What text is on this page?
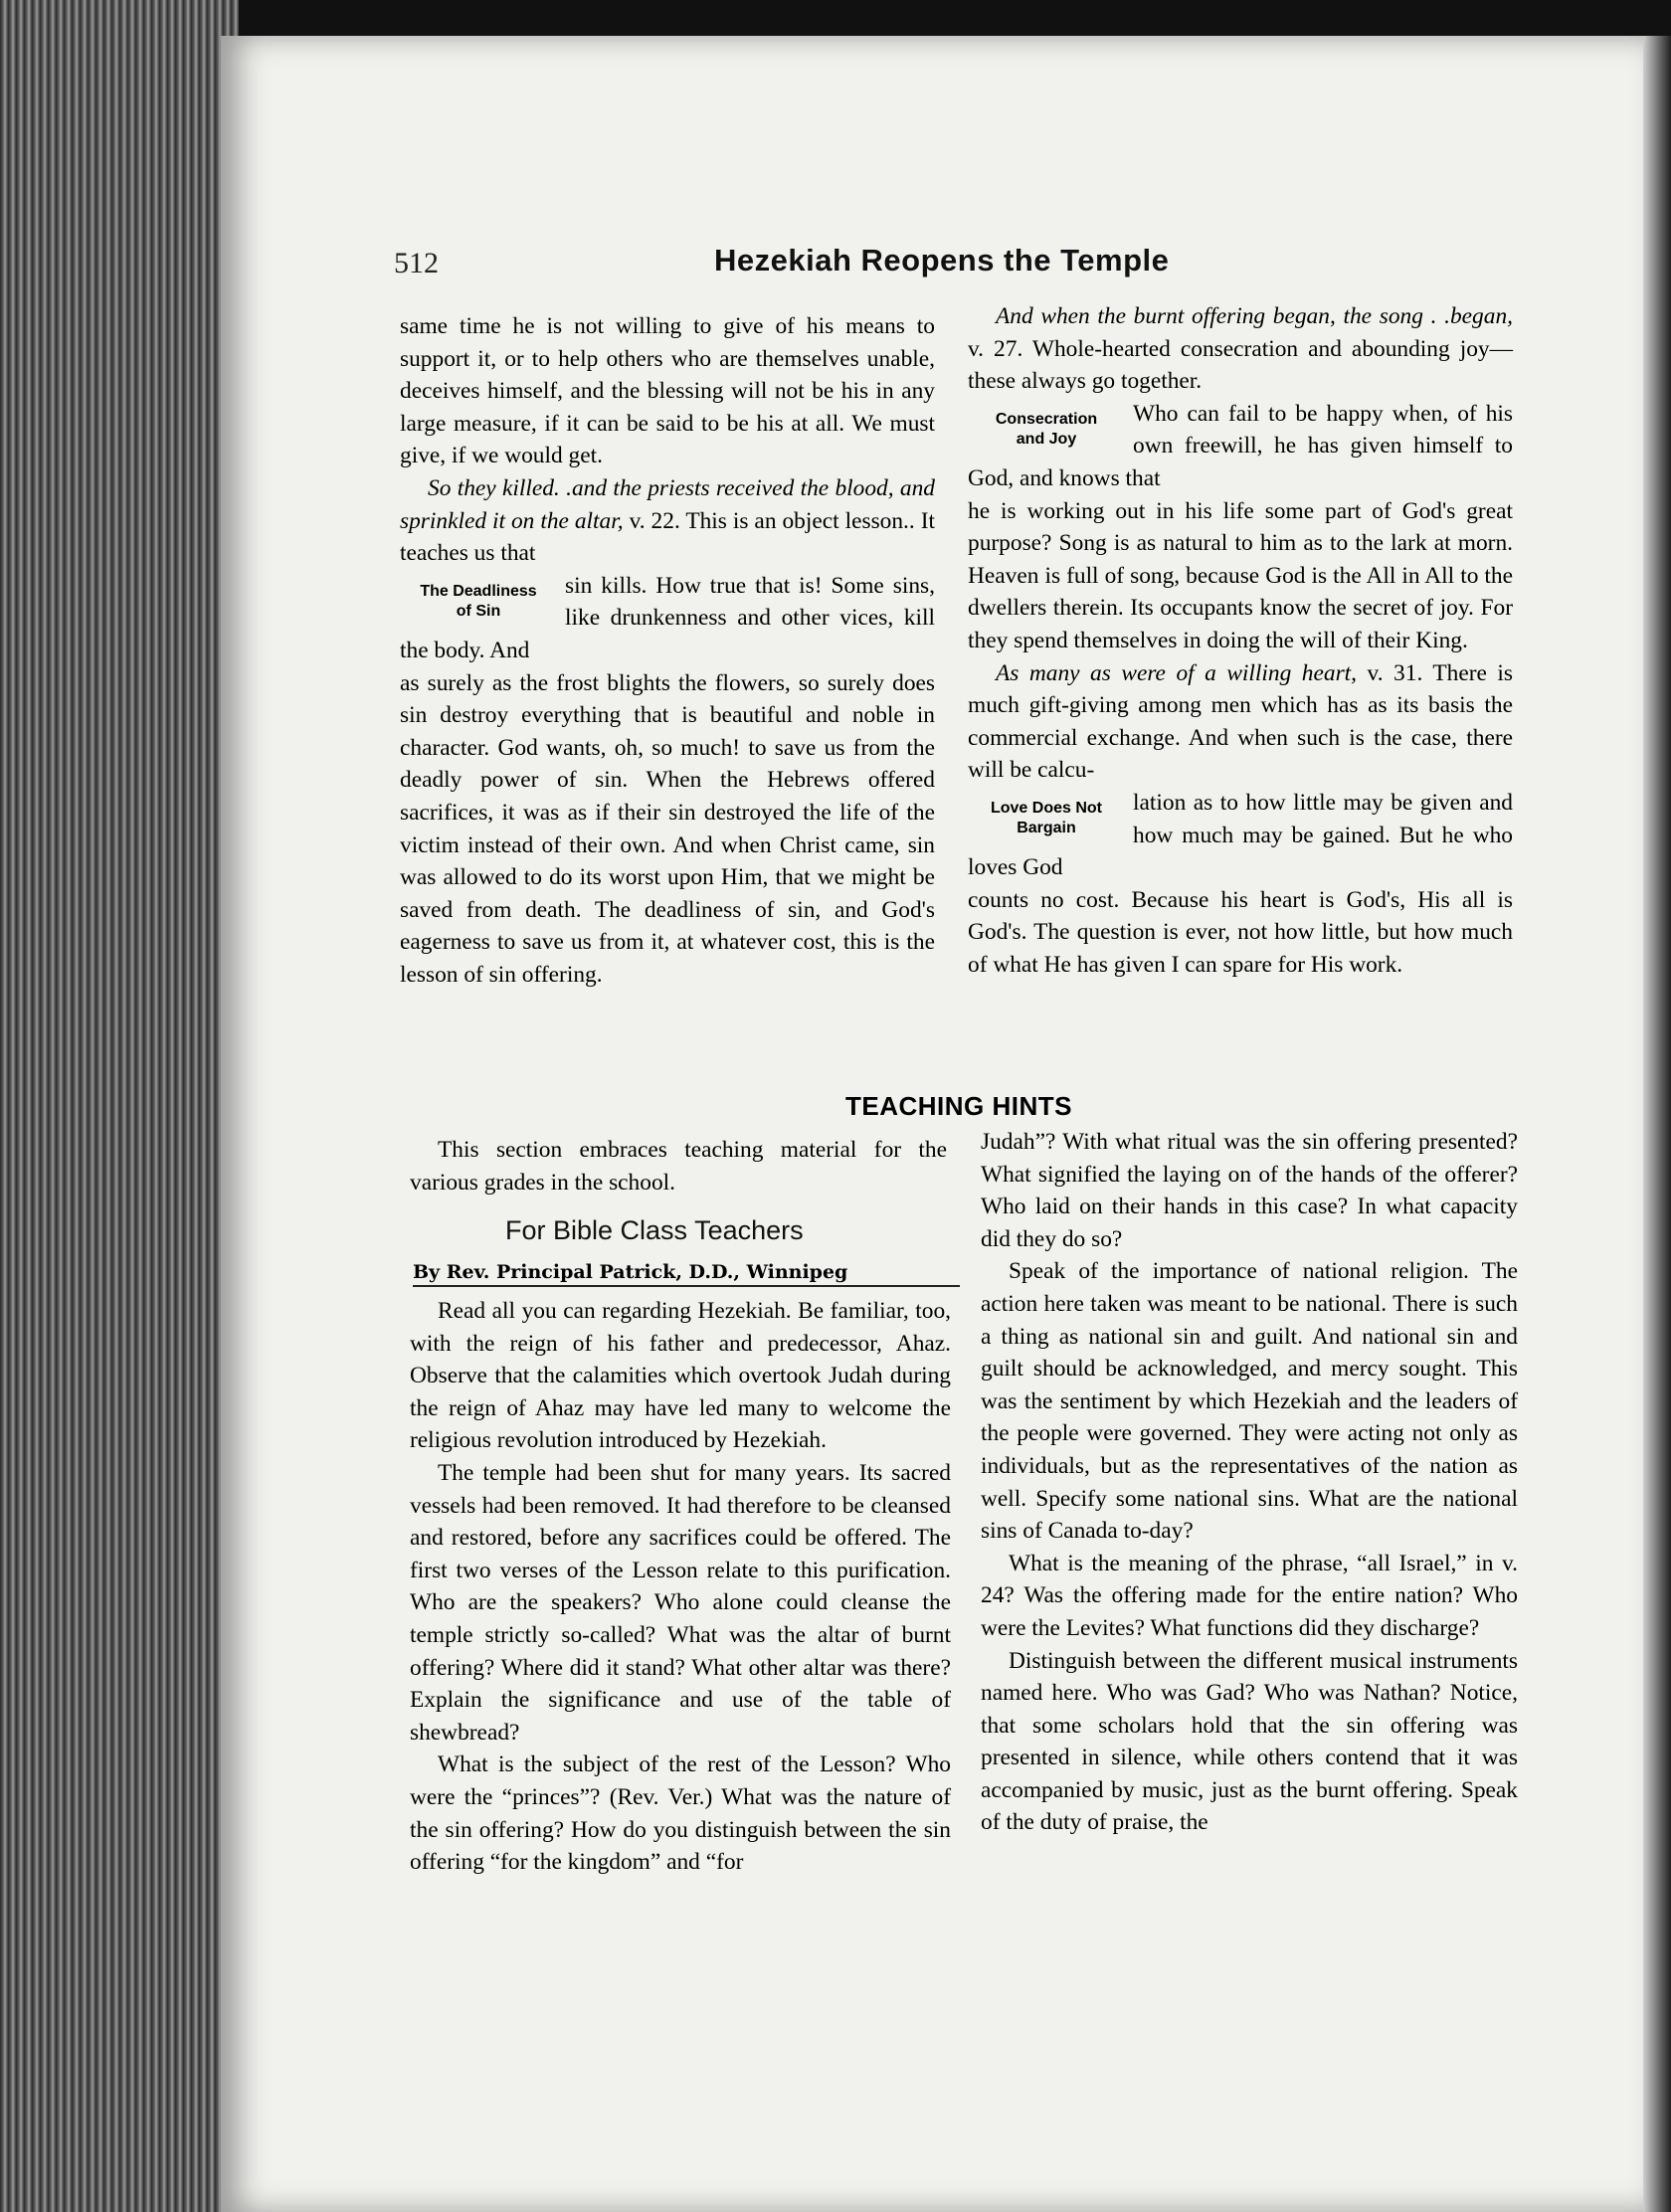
512	Hezekiah Reopens the Temple

same time he is not willing to give of his means to support it, or to help others who are themselves unable, deceives himself, and the blessing will not be his in any large measure, if it can be said to be his at all. We must give, if we would get.

So they killed. .and the priests received the blood, and sprinkled it on the altar, v. 22. This is an object lesson.. It teaches us that

The Deadliness
of Sin
sin kills. How true that is! Some sins, like drunkenness and other vices, kill the body. And

as surely as the frost blights the flowers, so surely does sin destroy everything that is beautiful and noble in character. God wants, oh, so much! to save us from the deadly power of sin. When the Hebrews offered sacrifices, it was as if their sin destroyed the life of the victim instead of their own. And when Christ came, sin was allowed to do its worst upon Him, that we might be saved from death. The deadliness of sin, and God's eagerness to save us from it, at whatever cost, this is the lesson of sin offering.

And when the burnt offering began, the song . .began, v. 27. Whole-hearted consecration and abounding joy—these always go together.

Consecration
and Joy
Who can fail to be happy when, of his own freewill, he has given himself to God, and knows that

he is working out in his life some part of God's great purpose? Song is as natural to him as to the lark at morn. Heaven is full of song, because God is the All in All to the dwellers therein. Its occupants know the secret of joy. For they spend themselves in doing the will of their King.

As many as were of a willing heart, v. 31. There is much gift-giving among men which has as its basis the commercial exchange. And when such is the case, there will be calcu-

Love Does Not
Bargain
lation as to how little may be given and how much may be gained. But he who loves God

counts no cost. Because his heart is God's, His all is God's. The question is ever, not how little, but how much of what He has given I can spare for His work.

TEACHING HINTS

This section embraces teaching material for the various grades in the school.

For Bible Class Teachers
By Rev. Principal Patrick, D.D., Winnipeg

Read all you can regarding Hezekiah. Be familiar, too, with the reign of his father and predecessor, Ahaz. Observe that the calamities which overtook Judah during the reign of Ahaz may have led many to welcome the religious revolution introduced by Hezekiah.

The temple had been shut for many years. Its sacred vessels had been removed. It had therefore to be cleansed and restored, before any sacrifices could be offered. The first two verses of the Lesson relate to this purification. Who are the speakers? Who alone could cleanse the temple strictly so-called? What was the altar of burnt offering? Where did it stand? What other altar was there? Explain the significance and use of the table of shewbread?

What is the subject of the rest of the Lesson? Who were the “princes”? (Rev. Ver.) What was the nature of the sin offering? How do you distinguish between the sin offering “for the kingdom” and “for

Judah”? With what ritual was the sin offering presented? What signified the laying on of the hands of the offerer? Who laid on their hands in this case? In what capacity did they do so?

Speak of the importance of national religion. The action here taken was meant to be national. There is such a thing as national sin and guilt. And national sin and guilt should be acknowledged, and mercy sought. This was the sentiment by which Hezekiah and the leaders of the people were governed. They were acting not only as individuals, but as the representatives of the nation as well. Specify some national sins. What are the national sins of Canada to-day?

What is the meaning of the phrase, “all Israel,” in v. 24? Was the offering made for the entire nation? Who were the Levites? What functions did they discharge?

Distinguish between the different musical instruments named here. Who was Gad? Who was Nathan? Notice, that some scholars hold that the sin offering was presented in silence, while others contend that it was accompanied by music, just as the burnt offering. Speak of the duty of praise, the
